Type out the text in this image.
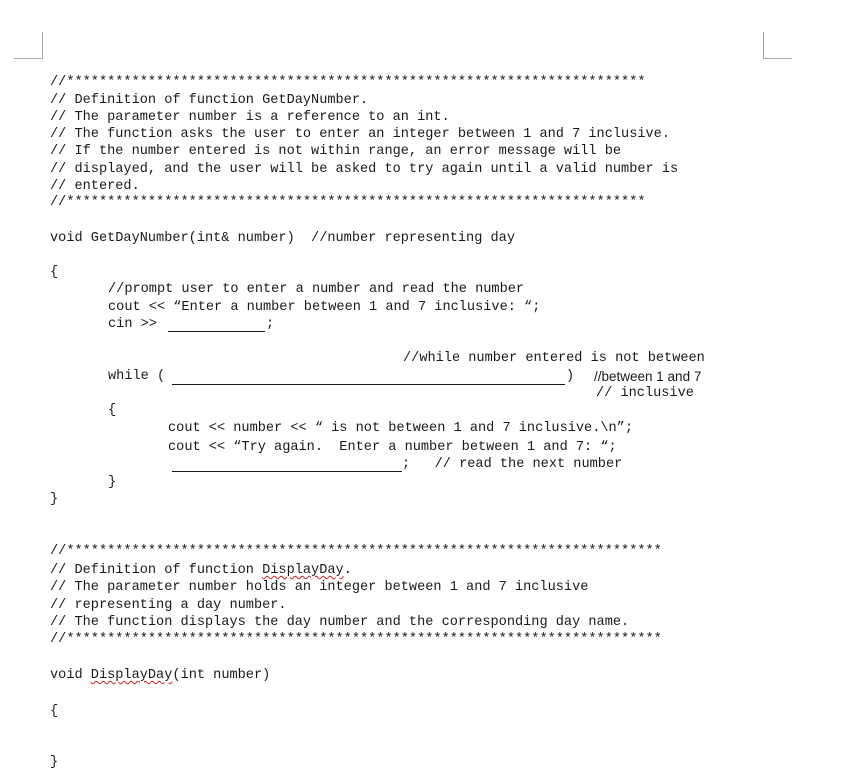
//***********************************************************************
// Definition of function GetDayNumber.
// The parameter number is a reference to an int.
// The function asks the user to enter an integer between 1 and 7 inclusive.
// If the number entered is not within range, an error message will be
// displayed, and the user will be asked to try again until a valid number is
// entered.
//***********************************************************************
void GetDayNumber(int& number)  //number representing day
{
//prompt user to enter a number and read the number
cout << “Enter a number between 1 and 7 inclusive: “;
cin >>	;
//while number entered is not between
while (	) //between 1 and 7
// inclusive
{
cout << number << “ is not between 1 and 7 inclusive.\n”;
cout << “Try again.  Enter a number between 1 and 7: “;
;   // read the next number
}
}
//*************************************************************************
// Definition of function DisplayDay.
// The parameter number holds an integer between 1 and 7 inclusive
// representing a day number.
// The function displays the day number and the corresponding day name.
//*************************************************************************
void DisplayDay(int number)
{
}
